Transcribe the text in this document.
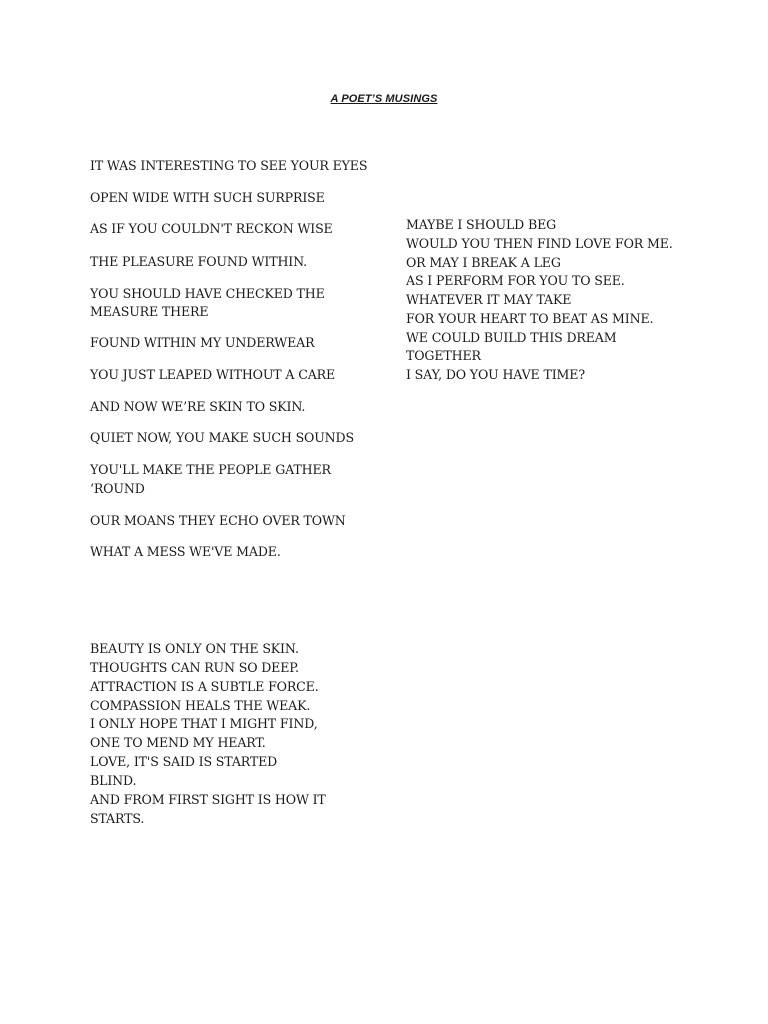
A POET’S MUSINGS
IT WAS INTERESTING TO SEE YOUR EYES
OPEN WIDE WITH SUCH SURPRISE
AS IF YOU COULDN'T RECKON WISE
THE PLEASURE FOUND WITHIN.
YOU SHOULD HAVE CHECKED THE
MEASURE THERE
FOUND WITHIN MY UNDERWEAR
YOU JUST LEAPED WITHOUT A CARE
AND NOW WE’RE SKIN TO SKIN.
QUIET NOW, YOU MAKE SUCH SOUNDS
YOU'LL MAKE THE PEOPLE GATHER
‘ROUND
OUR MOANS THEY ECHO OVER TOWN
WHAT A MESS WE'VE MADE.
MAYBE I SHOULD BEG
WOULD YOU THEN FIND LOVE FOR ME.
OR MAY I BREAK A LEG
AS I PERFORM FOR YOU TO SEE.
WHATEVER IT MAY TAKE
FOR YOUR HEART TO BEAT AS MINE.
WE COULD BUILD THIS DREAM
TOGETHER
I SAY, DO YOU HAVE TIME?
BEAUTY IS ONLY ON THE SKIN.
THOUGHTS CAN RUN SO DEEP.
ATTRACTION IS A SUBTLE FORCE.
COMPASSION HEALS THE WEAK.
I ONLY HOPE THAT I MIGHT FIND,
ONE TO MEND MY HEART.
LOVE, IT'S SAID IS STARTED
BLIND.
AND FROM FIRST SIGHT IS HOW IT
STARTS.
